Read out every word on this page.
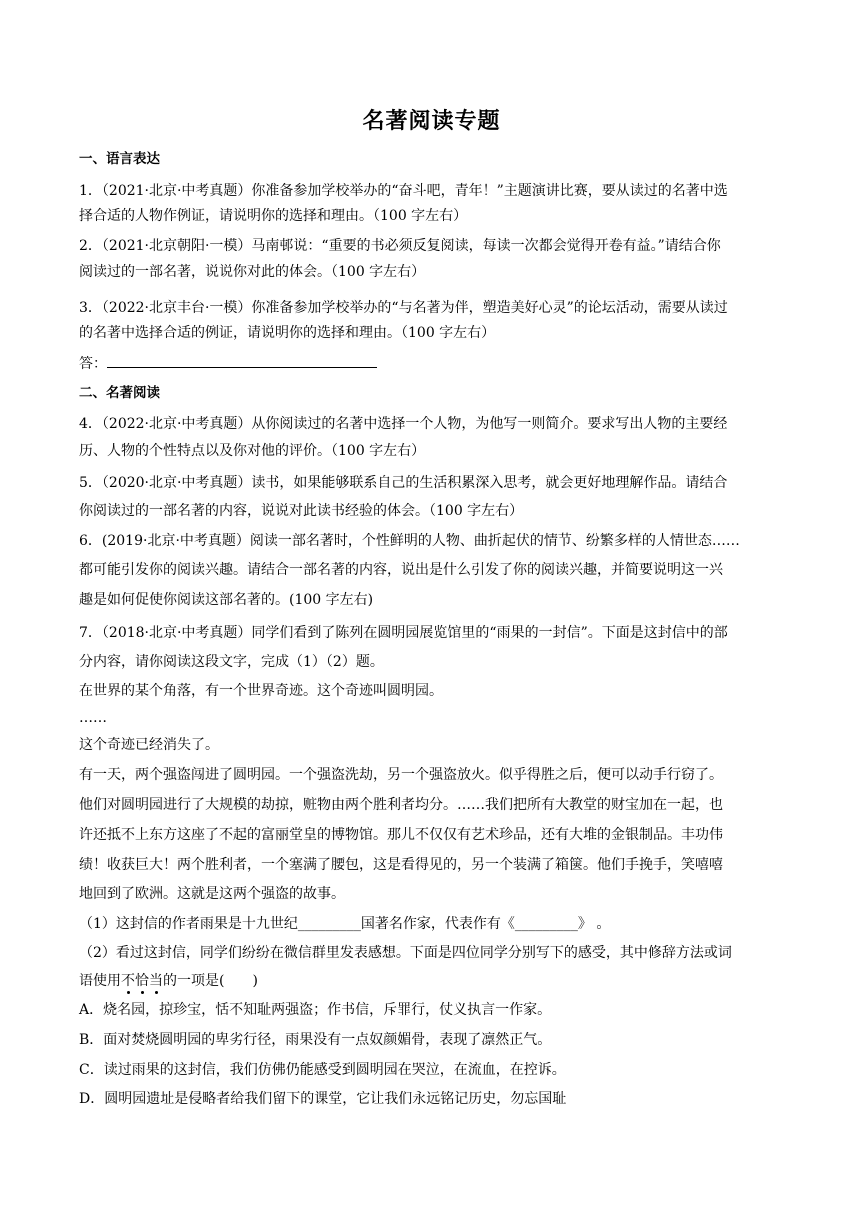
名著阅读专题
一、语言表达
1．（2021·北京·中考真题）你准备参加学校举办的“奋斗吧，青年！”主题演讲比赛，要从读过的名著中选
择合适的人物作例证，请说明你的选择和理由。（100 字左右）
2．（2021·北京朝阳·一模）马南邨说：“重要的书必须反复阅读，每读一次都会觉得开卷有益。”请结合你
阅读过的一部名著，说说你对此的体会。（100 字左右）
3．（2022·北京丰台·一模）你准备参加学校举办的“与名著为伴，塑造美好心灵”的论坛活动，需要从读过
的名著中选择合适的例证，请说明你的选择和理由。（100 字左右）
答：
二、名著阅读
4．（2022·北京·中考真题）从你阅读过的名著中选择一个人物，为他写一则简介。要求写出人物的主要经
历、人物的个性特点以及你对他的评价。（100 字左右）
5．（2020·北京·中考真题）读书，如果能够联系自己的生活积累深入思考，就会更好地理解作品。请结合
你阅读过的一部名著的内容，说说对此读书经验的体会。（100 字左右）
6．(2019·北京·中考真题）阅读一部名著时，个性鲜明的人物、曲折起伏的情节、纷繁多样的人情世态……
都可能引发你的阅读兴趣。请结合一部名著的内容，说出是什么引发了你的阅读兴趣，并简要说明这一兴
趣是如何促使你阅读这部名著的。(100 字左右)
7．（2018·北京·中考真题）同学们看到了陈列在圆明园展览馆里的“雨果的一封信”。下面是这封信中的部
分内容，请你阅读这段文字，完成（1）（2）题。
在世界的某个角落，有一个世界奇迹。这个奇迹叫圆明园。
……
这个奇迹已经消失了。
有一天，两个强盗闯进了圆明园。一个强盗洗劫，另一个强盗放火。似乎得胜之后，便可以动手行窃了。
他们对圆明园进行了大规模的劫掠，赃物由两个胜利者均分。……我们把所有大教堂的财宝加在一起，也
许还抵不上东方这座了不起的富丽堂皇的博物馆。那儿不仅仅有艺术珍品，还有大堆的金银制品。丰功伟
绩！收获巨大！两个胜利者，一个塞满了腰包，这是看得见的，另一个装满了箱箧。他们手挽手，笑嘻嘻
地回到了欧洲。这就是这两个强盗的故事。
（1）这封信的作者雨果是十九世纪_________国著名作家，代表作有《_________》 。
（2）看过这封信，同学们纷纷在微信群里发表感想。下面是四位同学分别写下的感受，其中修辞方法或词
语使用不恰当的一项是(　　)
A．烧名园，掠珍宝，恬不知耻两强盗；作书信，斥罪行，仗义执言一作家。
B．面对焚烧圆明园的卑劣行径，雨果没有一点奴颜媚骨，表现了凛然正气。
C．读过雨果的这封信，我们仿佛仍能感受到圆明园在哭泣，在流血，在控诉。
D．圆明园遗址是侵略者给我们留下的课堂，它让我们永远铭记历史，勿忘国耻
